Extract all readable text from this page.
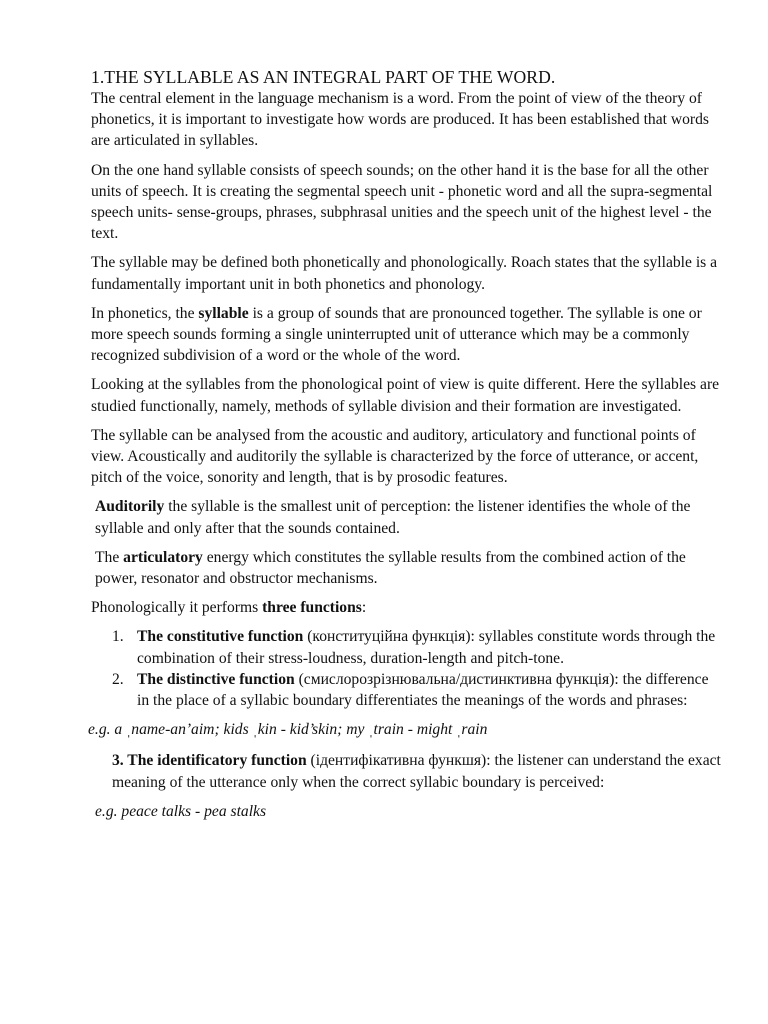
1.THE SYLLABLE AS AN INTEGRAL PART OF THE WORD.

The central element in the language mechanism is a word. From the point of view of the theory of phonetics, it is important to investigate how words are produced. It has been established that words are articulated in syllables.

On the one hand syllable consists of speech sounds; on the other hand it is the base for all the other units of speech. It is creating the segmental speech unit - phonetic word and all the supra-segmental speech units- sense-groups, phrases, subphrasal unities and the speech unit of the highest level - the text.

The syllable may be defined both phonetically and phonologically. Roach states that the syllable is a fundamentally important unit in both phonetics and phonology.

In phonetics, the syllable is a group of sounds that are pronounced together. The syllable is one or more speech sounds forming a single uninterrupted unit of utterance which may be a commonly recognized subdivision of a word or the whole of the word.

Looking at the syllables from the phonological point of view is quite different. Here the syllables are studied functionally, namely, methods of syllable division and their formation are investigated.

The syllable can be analysed from the acoustic and auditory, articulatory and functional points of view. Acoustically and auditorily the syllable is characterized by the force of utterance, or accent, pitch of the voice, sonority and length, that is by prosodic features.

Auditorily the syllable is the smallest unit of perception: the listener identifies the whole of the syllable and only after that the sounds contained.

The articulatory energy which constitutes the syllable results from the combined action of the power, resonator and obstructor mechanisms.

Phonologically it performs three functions:

1. The constitutive function (конституційна функція): syllables constitute words through the combination of their stress-loudness, duration-length and pitch-tone.
2. The distinctive function (смислорозрізнювальна/дистинктивна функція): the difference in the place of a syllabic boundary differentiates the meanings of the words and phrases:

e.g. a ˌname-an’aim; kids ˌkin - kid’skin; my ˌtrain - might ˌrain

3. The identificatory function (ідентифікативна функшя): the listener can understand the exact meaning of the utterance only when the correct syllabic boundary is perceived:

e.g. peace talks - pea stalks
